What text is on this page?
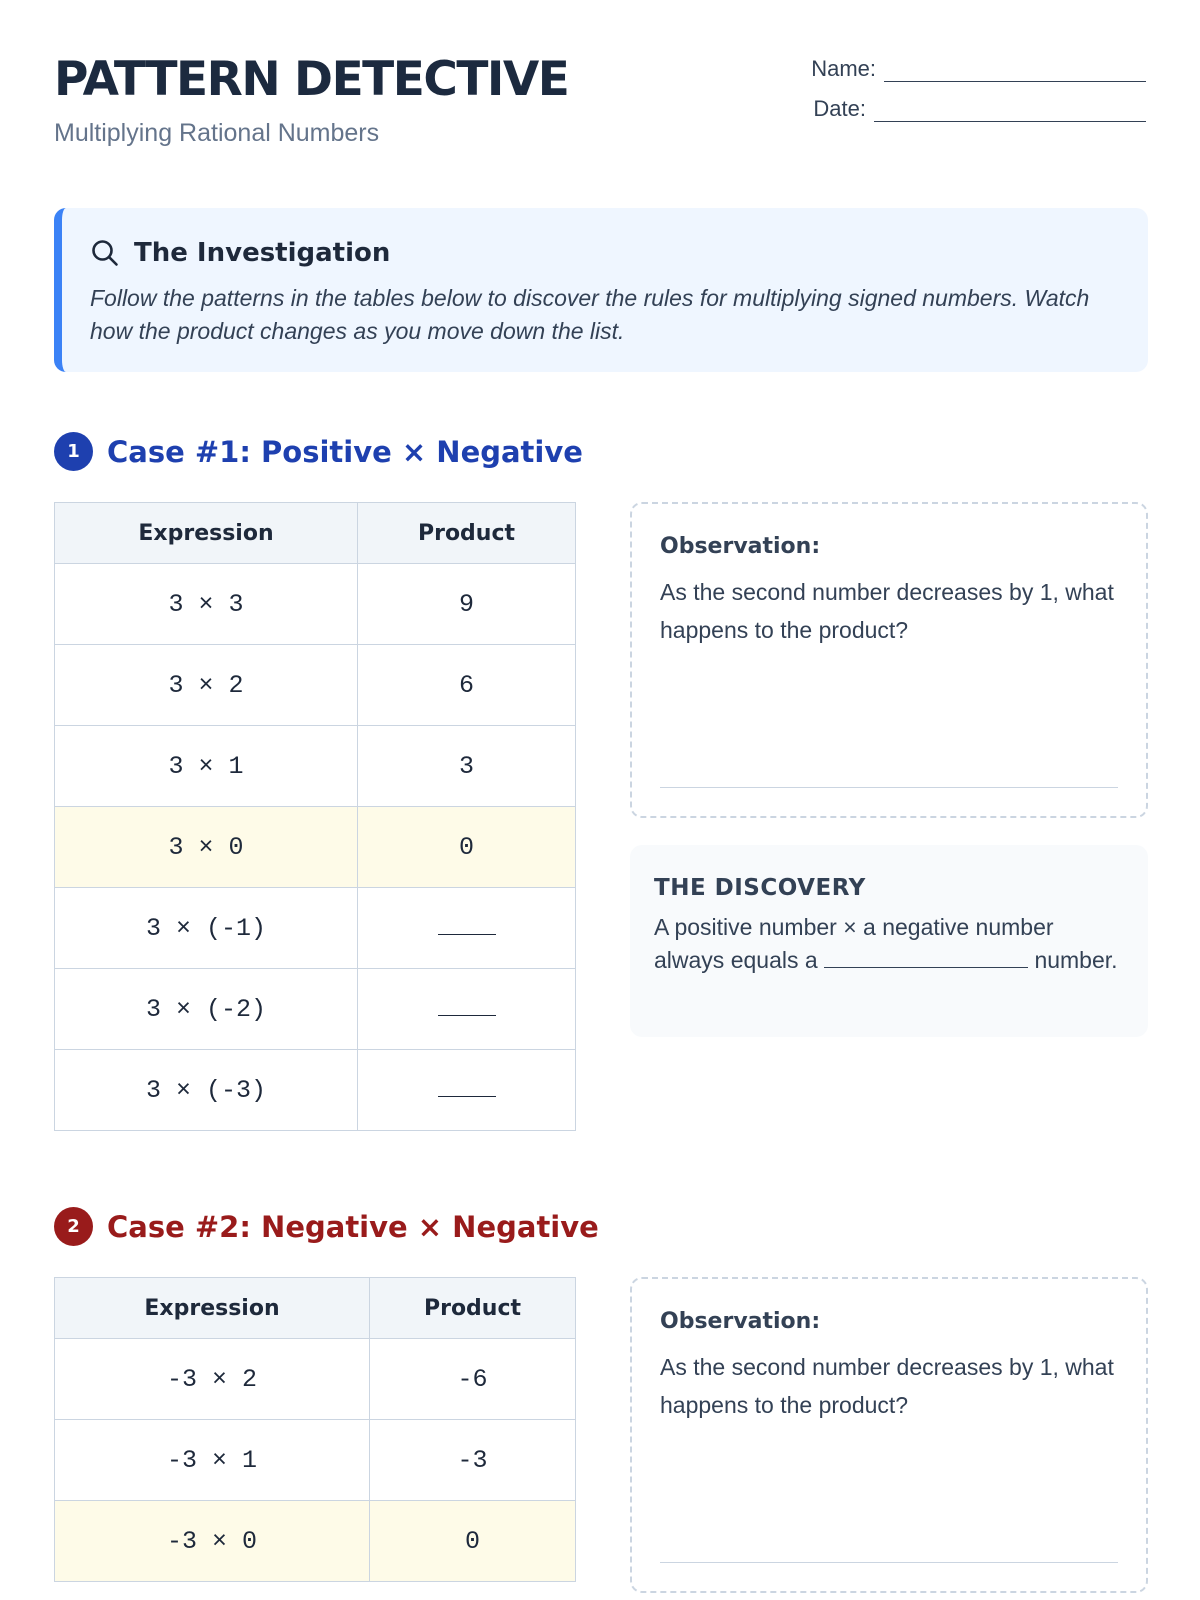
PATTERN DETECTIVE
Multiplying Rational Numbers
Name:
Date:
The Investigation
Follow the patterns in the tables below to discover the rules for multiplying signed numbers. Watch how the product changes as you move down the list.
1 Case #1: Positive × Negative
Expression	Product
3 × 3	9
3 × 2	6
3 × 1	3
3 × 0	0
3 × (-1)	
3 × (-2)	
3 × (-3)	
Observation:
As the second number decreases by 1, what happens to the product?
THE DISCOVERY
A positive number × a negative number always equals a	number.
2 Case #2: Negative × Negative
Expression	Product
-3 × 2	-6
-3 × 1	-3
-3 × 0	0
Observation:
As the second number decreases by 1, what happens to the product?
